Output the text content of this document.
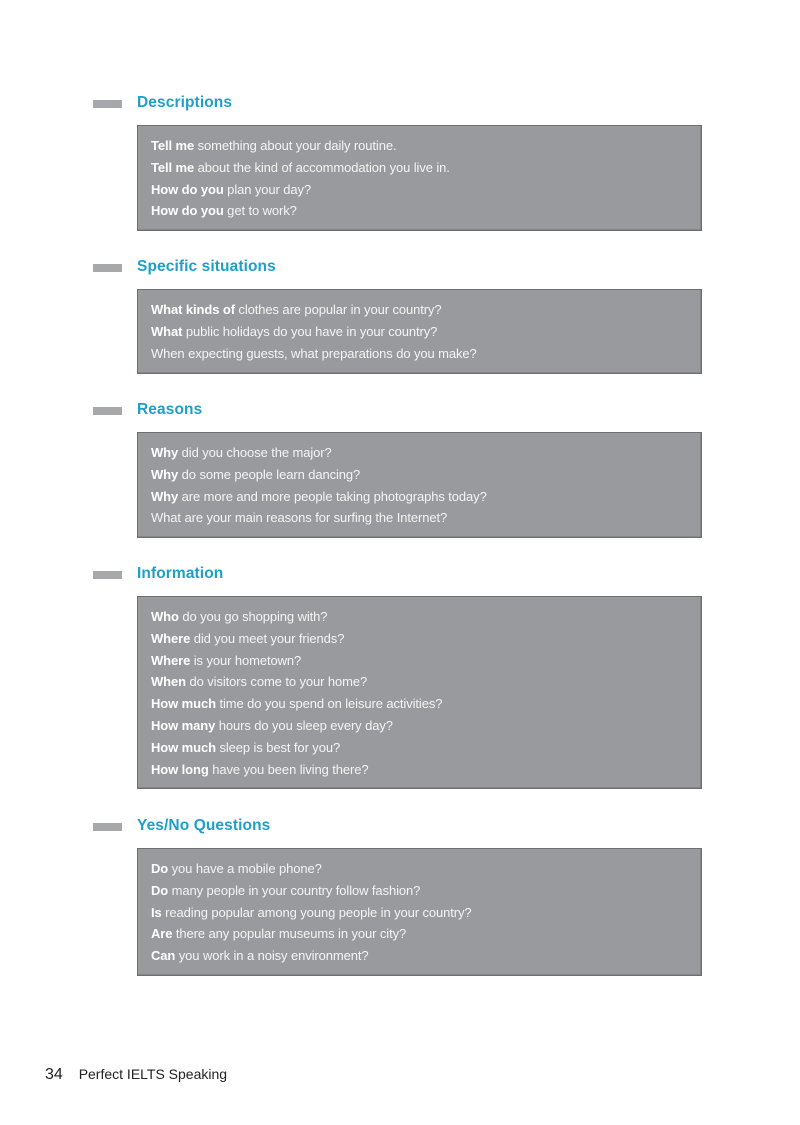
Descriptions
Tell me something about your daily routine.
Tell me about the kind of accommodation you live in.
How do you plan your day?
How do you get to work?
Specific situations
What kinds of clothes are popular in your country?
What public holidays do you have in your country?
When expecting guests, what preparations do you make?
Reasons
Why did you choose the major?
Why do some people learn dancing?
Why are more and more people taking photographs today?
What are your main reasons for surfing the Internet?
Information
Who do you go shopping with?
Where did you meet your friends?
Where is your hometown?
When do visitors come to your home?
How much time do you spend on leisure activities?
How many hours do you sleep every day?
How much sleep is best for you?
How long have you been living there?
Yes/No Questions
Do you have a mobile phone?
Do many people in your country follow fashion?
Is reading popular among young people in your country?
Are there any popular museums in your city?
Can you work in a noisy environment?
34 Perfect IELTS Speaking
